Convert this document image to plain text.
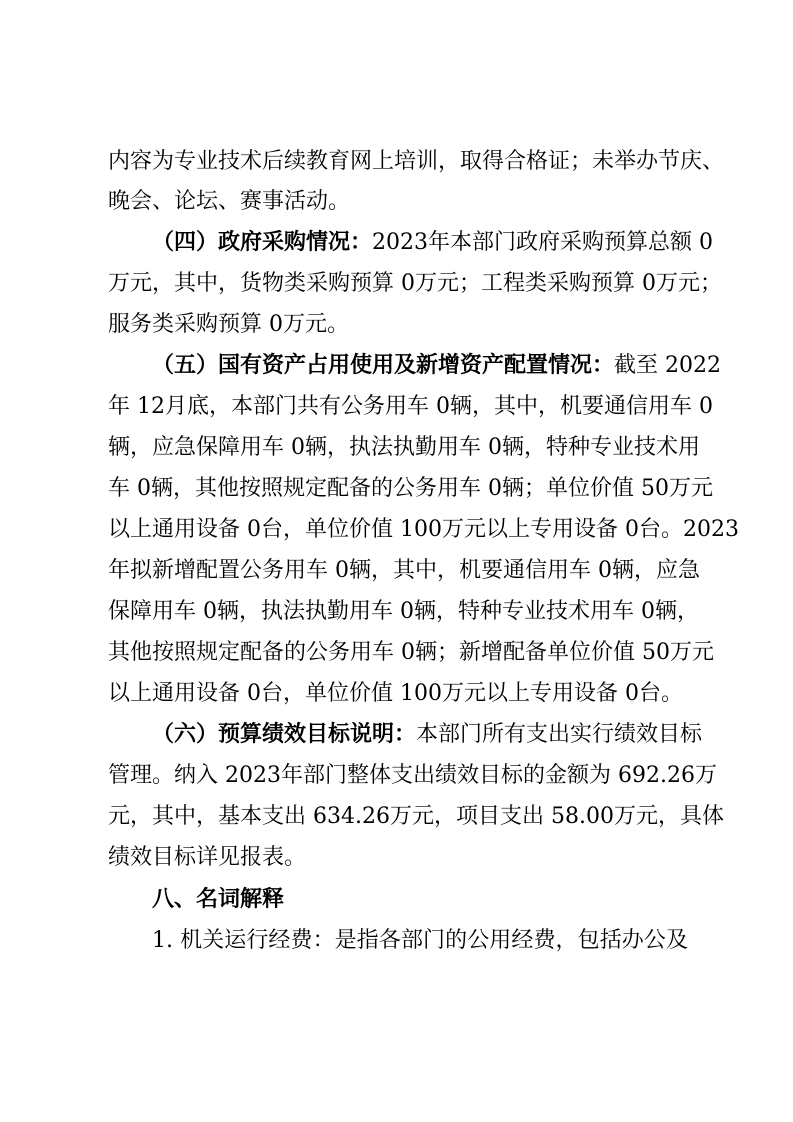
内容为专业技术后续教育网上培训，取得合格证；未举办节庆、
晚会、论坛、赛事活动。
（四）政府采购情况：2023年本部门政府采购预算总额 0
万元，其中，货物类采购预算 0万元；工程类采购预算 0万元；
服务类采购预算 0万元。
（五）国有资产占用使用及新增资产配置情况：截至 2022
年 12月底，本部门共有公务用车 0辆，其中，机要通信用车 0
辆，应急保障用车 0辆，执法执勤用车 0辆，特种专业技术用
车 0辆，其他按照规定配备的公务用车 0辆；单位价值 50万元
以上通用设备 0台，单位价值 100万元以上专用设备 0台。2023
年拟新增配置公务用车 0辆，其中，机要通信用车 0辆，应急
保障用车 0辆，执法执勤用车 0辆，特种专业技术用车 0辆，
其他按照规定配备的公务用车 0辆；新增配备单位价值 50万元
以上通用设备 0台，单位价值 100万元以上专用设备 0台。
（六）预算绩效目标说明：本部门所有支出实行绩效目标
管理。纳入 2023年部门整体支出绩效目标的金额为 692.26万
元，其中，基本支出 634.26万元，项目支出 58.00万元，具体
绩效目标详见报表。
八、名词解释
1. 机关运行经费：是指各部门的公用经费，包括办公及
